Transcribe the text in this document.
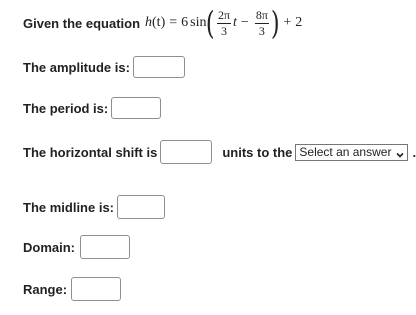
Given the equation h (t) = 6 sin ( $\frac{2\pi}{3}$ $t - \frac{8\pi}{3}$ ) + 2
The amplitude is:
The period is:
The horizontal shift is	units to the Select an answer .
The midline is:
Domain:
Range:
